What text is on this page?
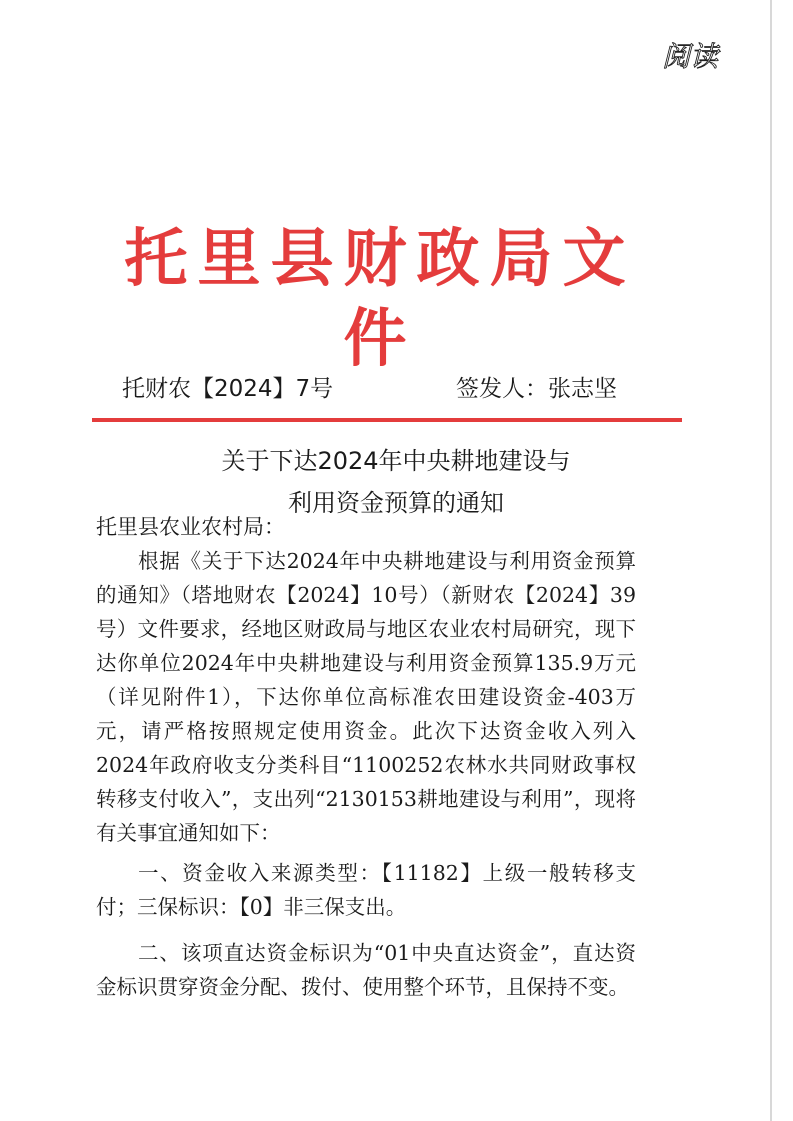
阅读
托里县财政局文件
托财农【2024】7号	签发人：张志坚
关于下达2024年中央耕地建设与
利用资金预算的通知
托里县农业农村局：

根据《关于下达2024年中央耕地建设与利用资金预算的通知》（塔地财农【2024】10号）（新财农【2024】39号）文件要求，经地区财政局与地区农业农村局研究，现下达你单位2024年中央耕地建设与利用资金预算135.9万元（详见附件1），下达你单位高标准农田建设资金-403万元，请严格按照规定使用资金。此次下达资金收入列入2024年政府收支分类科目“1100252农林水共同财政事权转移支付收入”，支出列“2130153耕地建设与利用”，现将有关事宜通知如下：

一、资金收入来源类型：【11182】上级一般转移支付；三保标识：【0】非三保支出。

二、该项直达资金标识为“01中央直达资金”，直达资金标识贯穿资金分配、拨付、使用整个环节，且保持不变。
